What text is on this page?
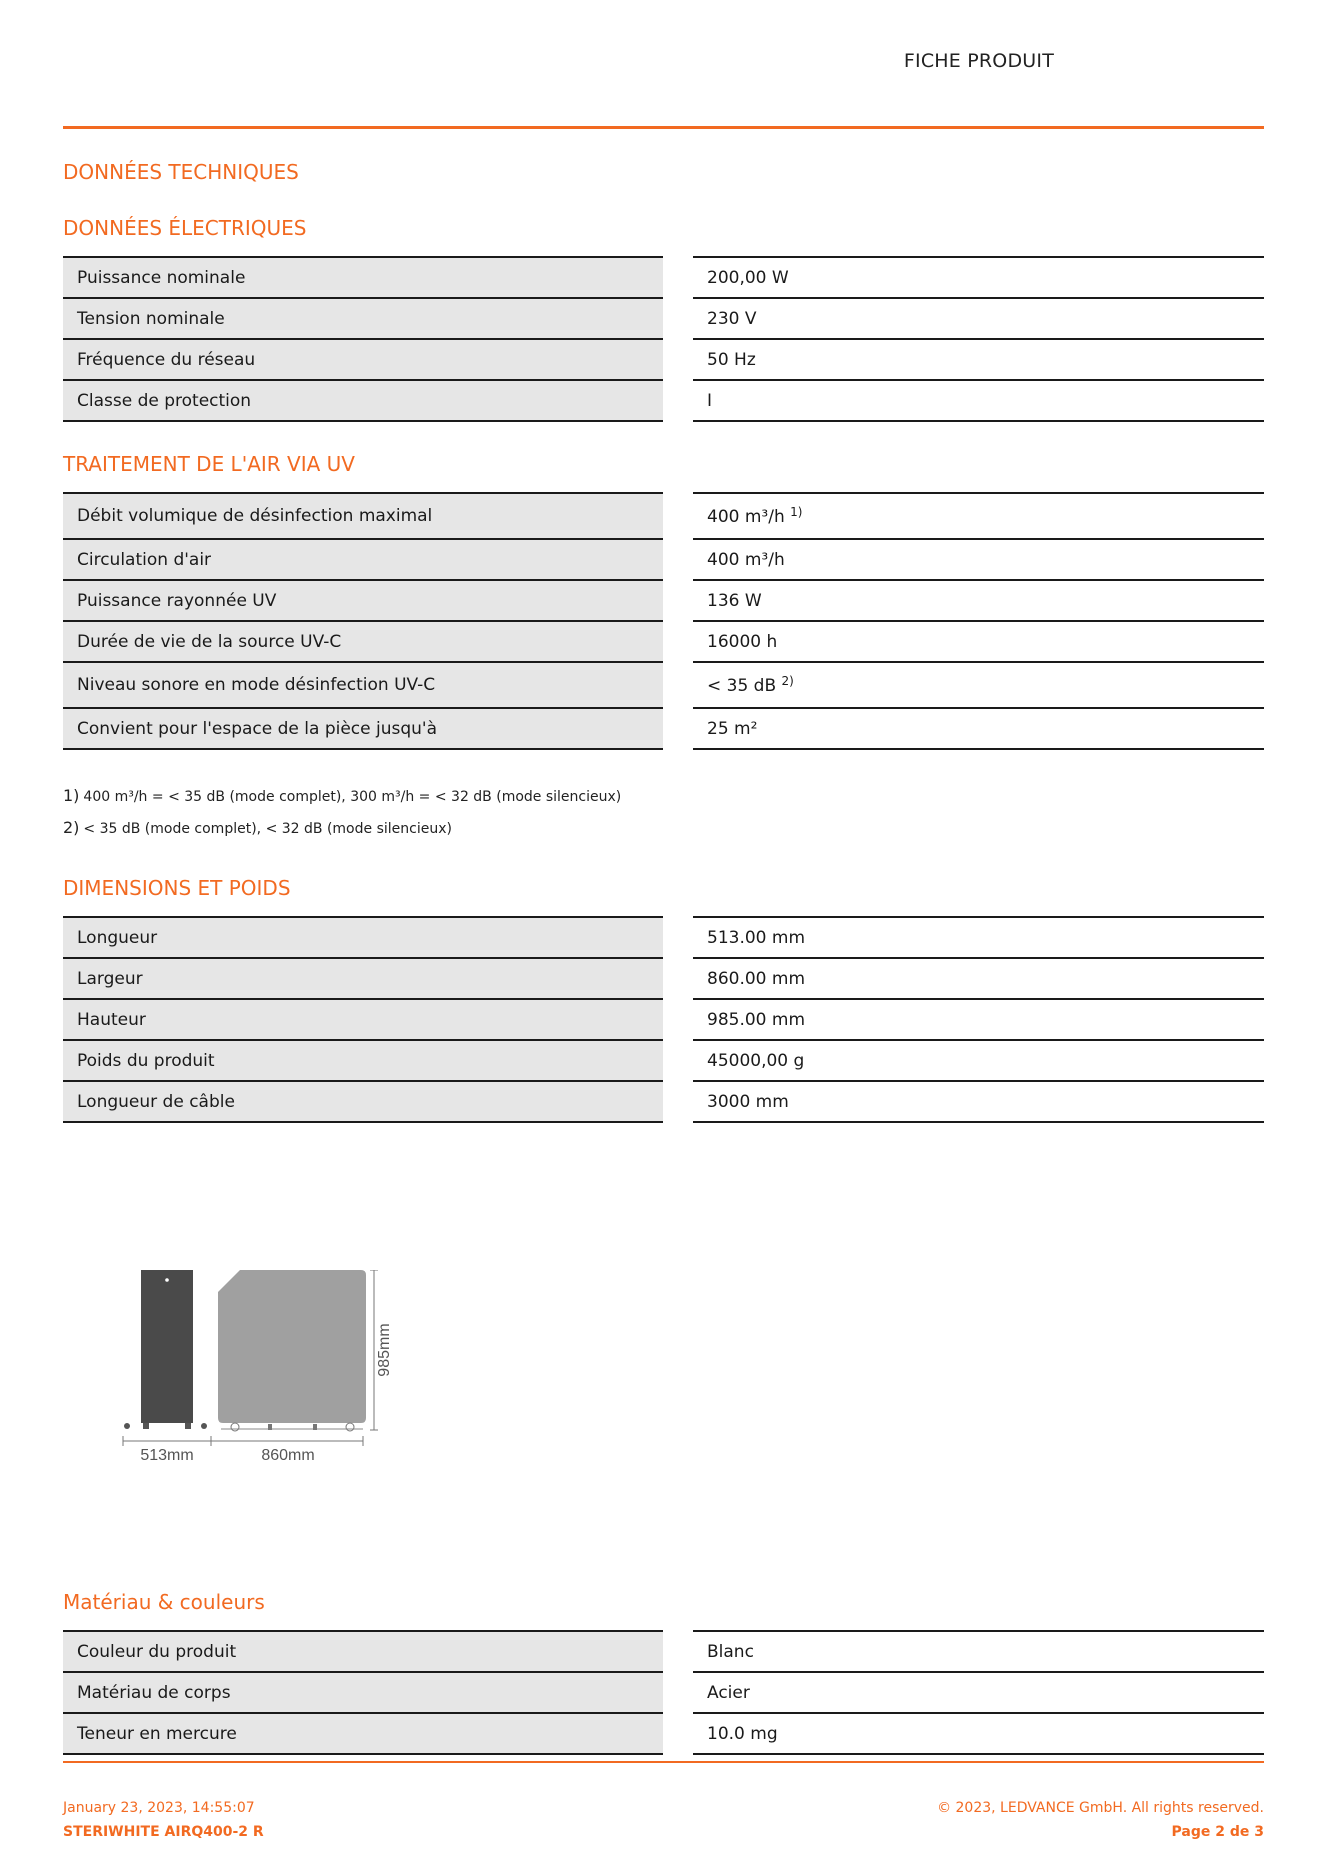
FICHE PRODUIT
DONNÉES TECHNIQUES
DONNÉES ÉLECTRIQUES
Puissance nominale	200,00 W
Tension nominale	230 V
Fréquence du réseau	50 Hz
Classe de protection	I
TRAITEMENT DE L'AIR VIA UV
Débit volumique de désinfection maximal	400 m³/h $^{1)}$
Circulation d'air	400 m³/h
Puissance rayonnée UV	136 W
Durée de vie de la source UV-C	16000 h
Niveau sonore en mode désinfection UV-C	< 35 dB $^{2)}$
Convient pour l'espace de la pièce jusqu'à	25 m²
1) 400 m³/h = < 35 dB (mode complet), 300 m³/h = < 32 dB (mode silencieux)
2) < 35 dB (mode complet), < 32 dB (mode silencieux)
DIMENSIONS ET POIDS
Longueur	513.00 mm
Largeur	860.00 mm
Hauteur	985.00 mm
Poids du produit	45000,00 g
Longueur de câble	3000 mm
985mm
513mm	860mm
Matériau & couleurs
Couleur du produit	Blanc
Matériau de corps	Acier
Teneur en mercure	10.0 mg
January 23, 2023, 14:55:07
STERIWHITE AIRQ400-2 R
© 2023, LEDVANCE GmbH. All rights reserved.
Page 2 de 3
